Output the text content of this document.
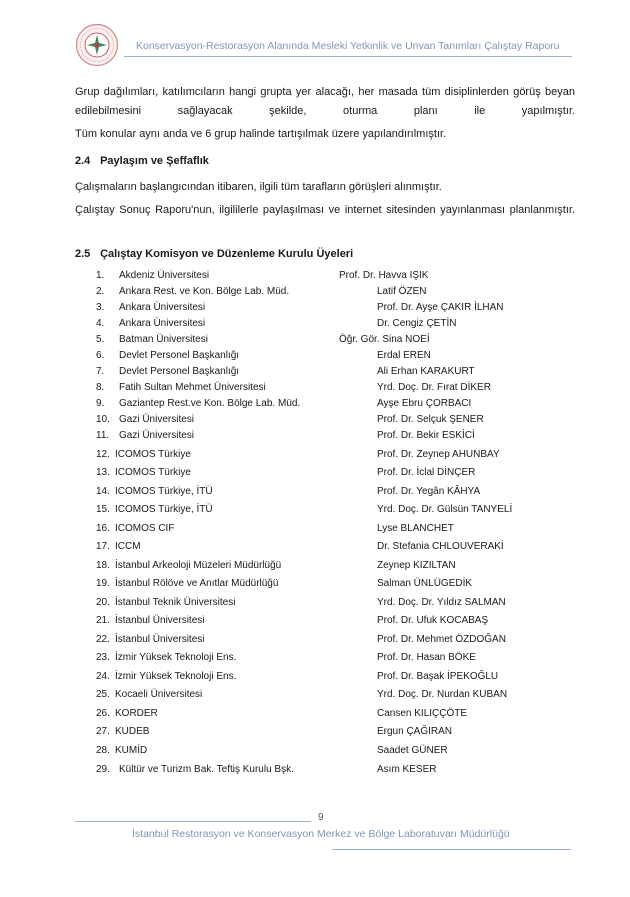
Konservasyon-Restorasyon Alanında Mesleki Yetkinlik ve Unvan Tanımları Çalıştay Raporu

Grup dağılımları, katılımcıların hangi grupta yer alacağı, her masada tüm disiplinlerden görüş beyan edilebilmesini sağlayacak şekilde, oturma planı ile yapılmıştır.

Tüm konular aynı anda ve 6 grup halinde tartışılmak üzere yapılandırılmıştır.

2.4 Paylaşım ve Şeffaflık

Çalışmaların başlangıcından itibaren, ilgili tüm tarafların görüşleri alınmıştır.

Çalıştay Sonuç Raporu'nun, ilgililerle paylaşılması ve internet sitesinden yayınlanması planlanmıştır.

2.5 Çalıştay Komisyon ve Düzenleme Kurulu Üyeleri
1. Akdeniz Üniversitesi	Prof. Dr. Havva IŞIK
2. Ankara Rest. ve Kon. Bölge Lab. Müd.	Latif ÖZEN
3. Ankara Üniversitesi	Prof. Dr. Ayşe ÇAKIR İLHAN
4. Ankara Üniversitesi	Dr. Cengiz ÇETİN
5. Batman Üniversitesi	Öğr. Gör. Sina NOEİ
6. Devlet Personel Başkanlığı	Erdal EREN
7. Devlet Personel Başkanlığı	Ali Erhan KARAKURT
8. Fatih Sultan Mehmet Üniversitesi	Yrd. Doç. Dr. Fırat DİKER
9. Gaziantep Rest.ve Kon. Bölge Lab. Müd.	Ayşe Ebru ÇORBACI
10. Gazi Üniversitesi	Prof. Dr. Selçuk ŞENER
11. Gazi Üniversitesi	Prof. Dr. Bekir ESKİCİ
12. ICOMOS Türkiye	Prof. Dr. Zeynep AHUNBAY
13. ICOMOS Türkiye	Prof. Dr. İclal DİNÇER
14. ICOMOS Türkiye, İTÜ	Prof. Dr. Yegân KÂHYA
15. ICOMOS Türkiye, İTÜ	Yrd. Doç. Dr. Gülsün TANYELİ
16. ICOMOS CIF	Lyse BLANCHET
17. ICCM	Dr. Stefania CHLOUVERAKİ
18. İstanbul Arkeoloji Müzeleri Müdürlüğü	Zeynep KIZILTAN
19. İstanbul Rölöve ve Anıtlar Müdürlüğü	Salman ÜNLÜGEDİK
20. İstanbul Teknik Üniversitesi	Yrd. Doç. Dr. Yıldız SALMAN
21. İstanbul Üniversitesi	Prof. Dr. Ufuk KOCABAŞ
22. İstanbul Üniversitesi	Prof. Dr. Mehmet ÖZDOĞAN
23. İzmir Yüksek Teknoloji Ens.	Prof. Dr. Hasan BÖKE
24. İzmir Yüksek Teknoloji Ens.	Prof. Dr. Başak İPEKOĞLU
25. Kocaeli Üniversitesi	Yrd. Doç. Dr. Nurdan KUBAN
26. KORDER	Cansen KILIÇÇÖTE
27. KUDEB	Ergun ÇAĞIRAN
28. KUMİD	Saadet GÜNER
29. Kültür ve Turizm Bak. Teftiş Kurulu Bşk.	Asım KESER
9
İstanbul Restorasyon ve Konservasyon Merkez ve Bölge Laboratuvarı Müdürlüğü
